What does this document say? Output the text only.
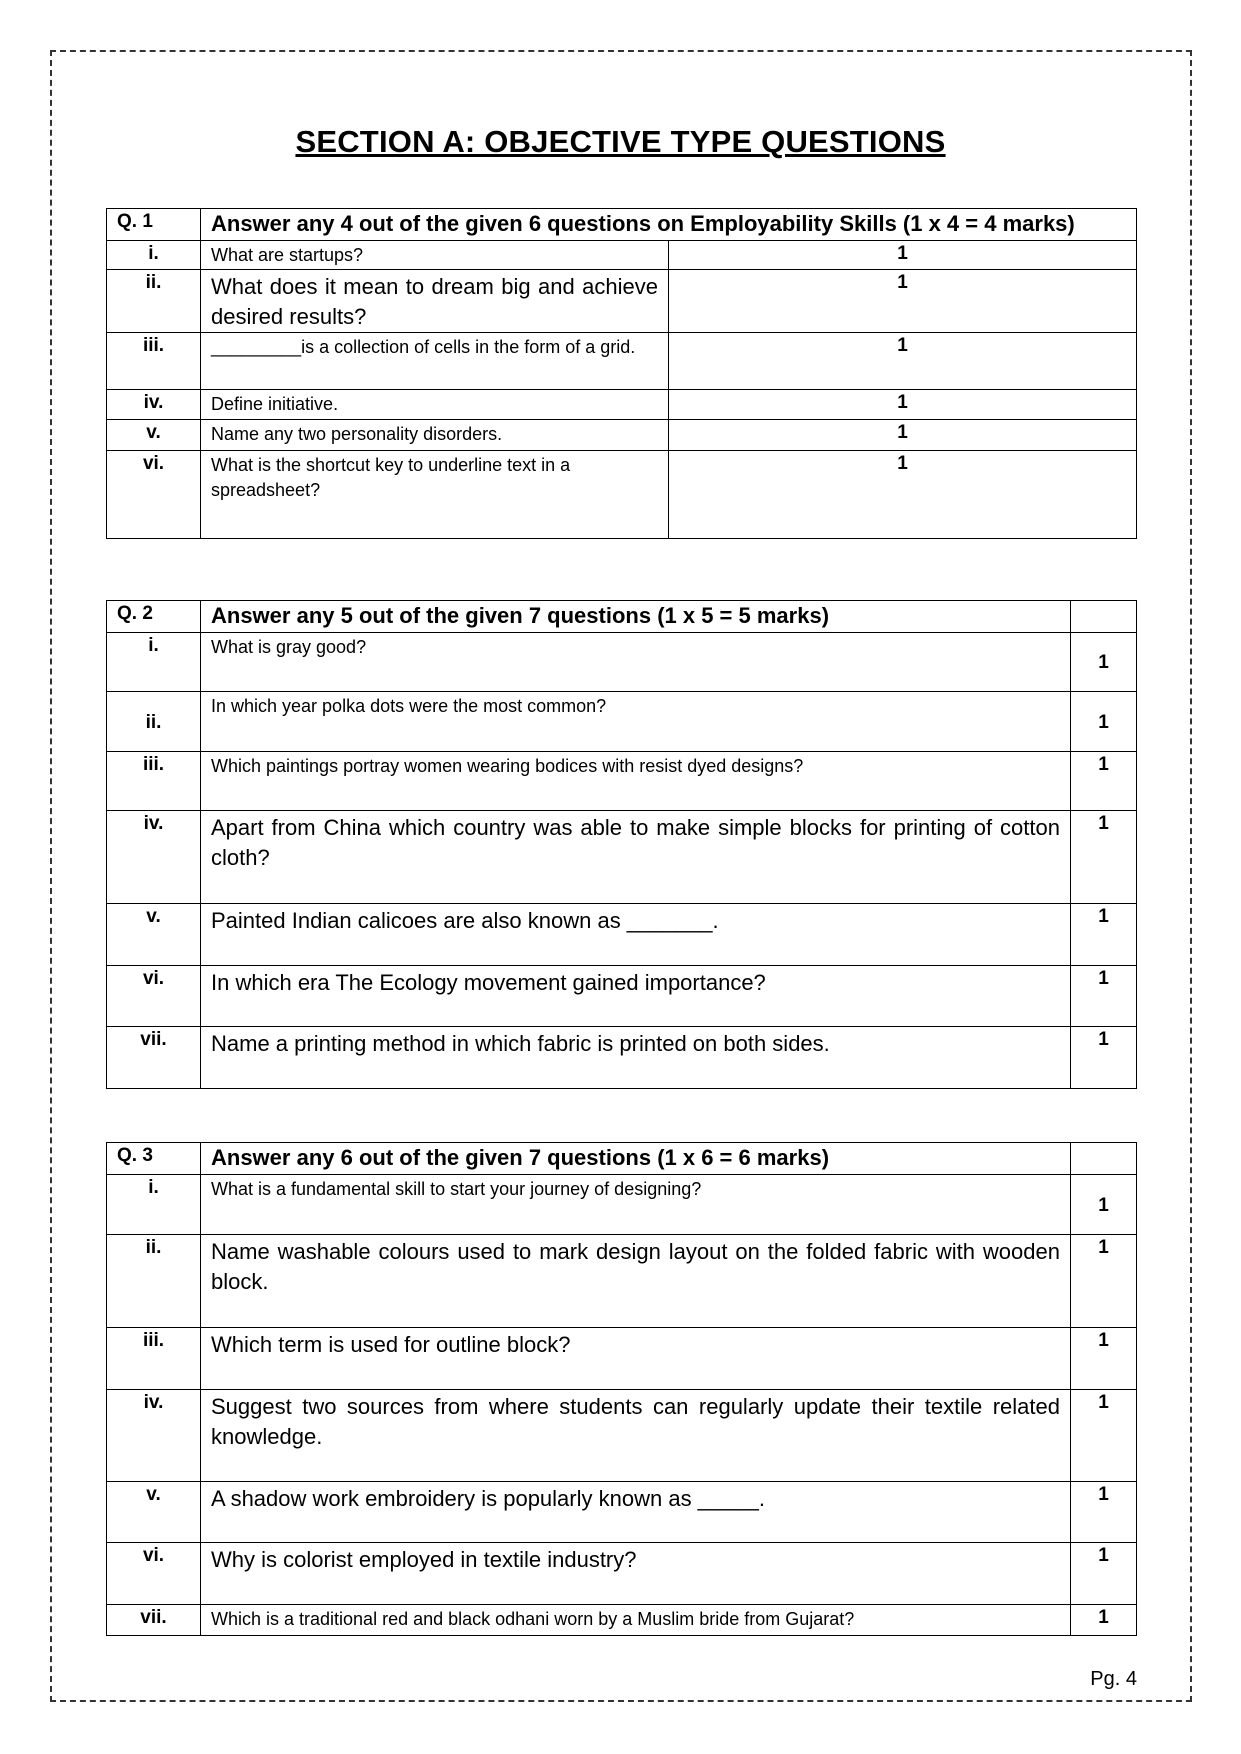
SECTION A: OBJECTIVE TYPE QUESTIONS
Q. 1	Answer any 4 out of the given 6 questions on Employability Skills (1 x 4 = 4 marks)	
i.	What are startups?	1
ii.	What does it mean to dream big and achieve desired results?	1
iii.	_________is a collection of cells in the form of a grid.	1
iv.	Define initiative.	1
v.	Name any two personality disorders.	1
vi.	What is the shortcut key to underline text in a spreadsheet?	1
Q. 2	Answer any 5 out of the given 7 questions (1 x 5 = 5 marks)	
i.	What is gray good?	1
ii.	In which year polka dots were the most common?	1
iii.	Which paintings portray women wearing bodices with resist dyed designs?	1
iv.	Apart from China which country was able to make simple blocks for printing of cotton cloth?	1
v.	Painted Indian calicoes are also known as _______.	1
vi.	In which era The Ecology movement gained importance?	1
vii.	Name a printing method in which fabric is printed on both sides.	1
Q. 3	Answer any 6 out of the given 7 questions (1 x 6 = 6 marks)	
i.	What is a fundamental skill to start your journey of designing?	1
ii.	Name washable colours used to mark design layout on the folded fabric with wooden block.	1
iii.	Which term is used for outline block?	1
iv.	Suggest two sources from where students can regularly update their textile related knowledge.	1
v.	A shadow work embroidery is popularly known as _____.	1
vi.	Why is colorist employed in textile industry?	1
vii.	Which is a traditional red and black odhani worn by a Muslim bride from Gujarat?	1
Pg. 4
